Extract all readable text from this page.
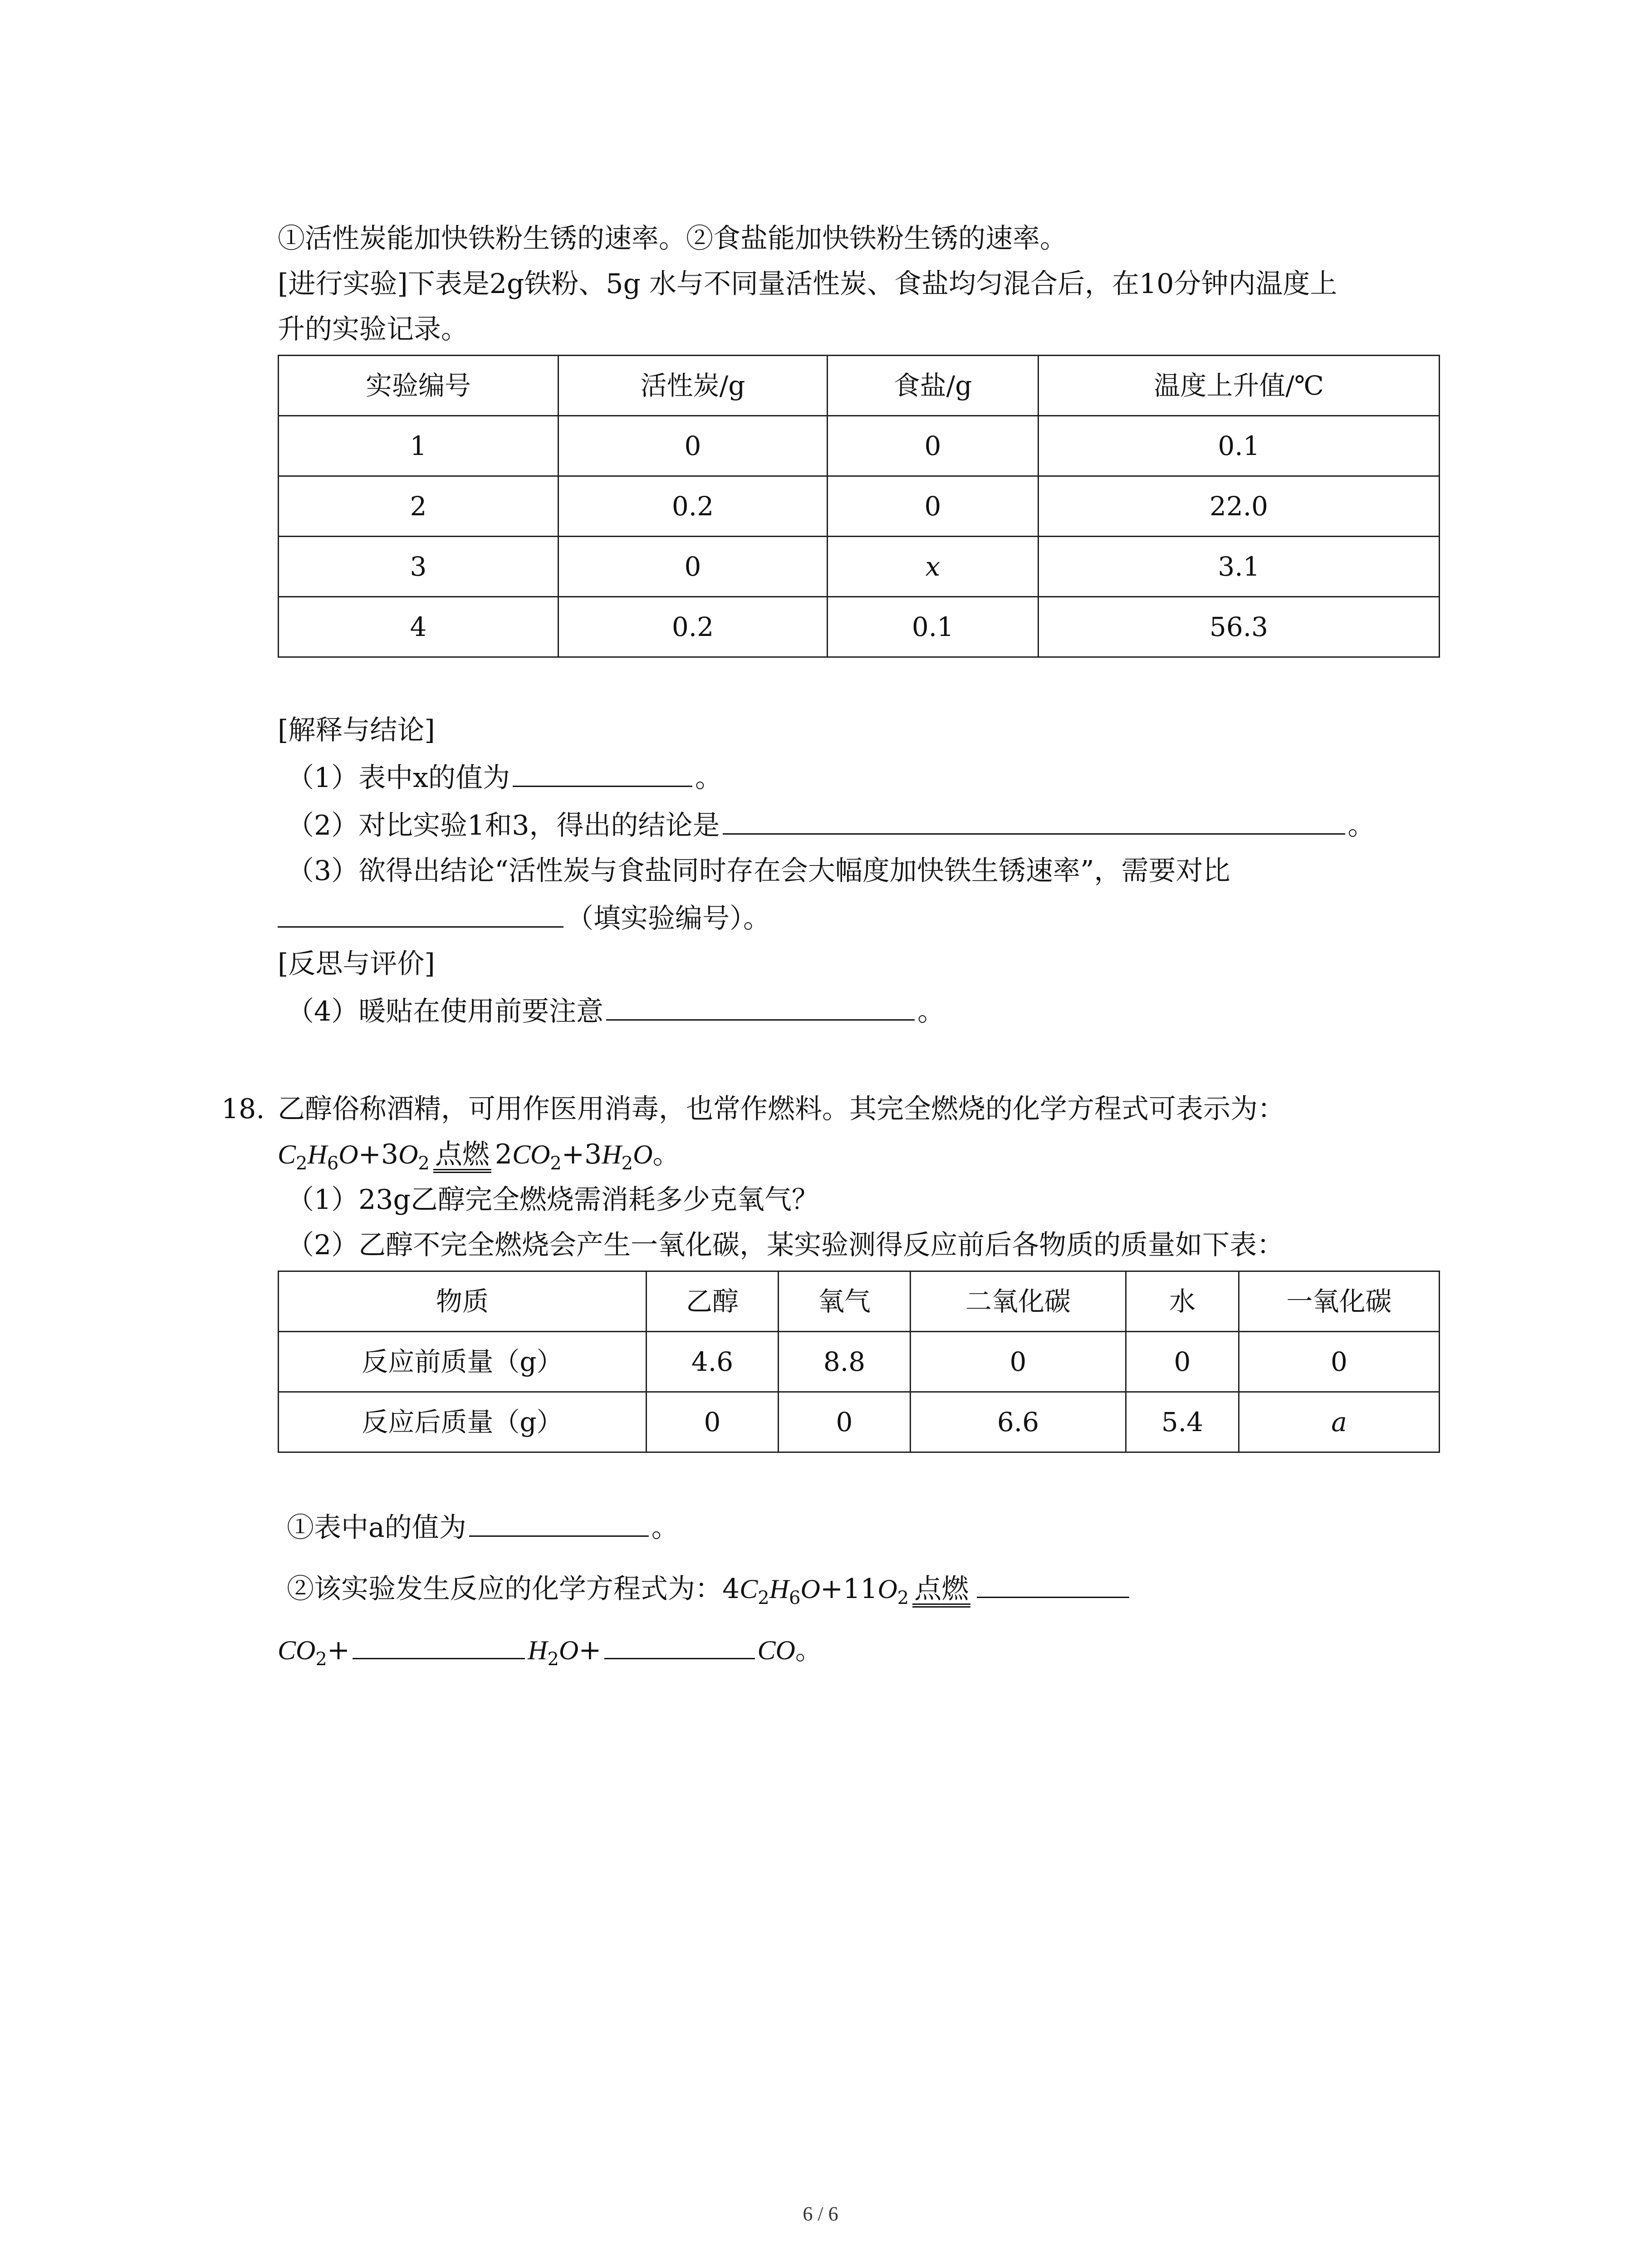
①活性炭能加快铁粉生锈的速率。②食盐能加快铁粉生锈的速率。
[进行实验]下表是2g铁粉、5g 水与不同量活性炭、食盐均匀混合后，在10分钟内温度上
升的实验记录。
实验编号	活性炭/g	食盐/g	温度上升值/℃
1	0	0	0.1
2	0.2	0	22.0
3	0	x	3.1
4	0.2	0.1	56.3
[解释与结论]
（1）表中x的值为	。
（2）对比实验1和3，得出的结论是	。
（3）欲得出结论“活性炭与食盐同时存在会大幅度加快铁生锈速率”，需要对比
（填实验编号）。
[反思与评价]
（4）暖贴在使用前要注意	。
18. 乙醇俗称酒精，可用作医用消毒，也常作燃料。其完全燃烧的化学方程式可表示为：
$C_2H_6O+3O_2$ 点燃 $2CO_2+3H_2O$。
（1）23g乙醇完全燃烧需消耗多少克氧气？
（2）乙醇不完全燃烧会产生一氧化碳，某实验测得反应前后各物质的质量如下表：
物质	乙醇	氧气	二氧化碳	水	一氧化碳
反应前质量（g）	4.6	8.8	0	0	0
反应后质量（g）	0	0	6.6	5.4	a
①表中a的值为	。
②该实验发生反应的化学方程式为：$4C_2H_6O+11O_2$ 点燃
$CO_2+$	$H_2O+$	CO。
6 / 6
